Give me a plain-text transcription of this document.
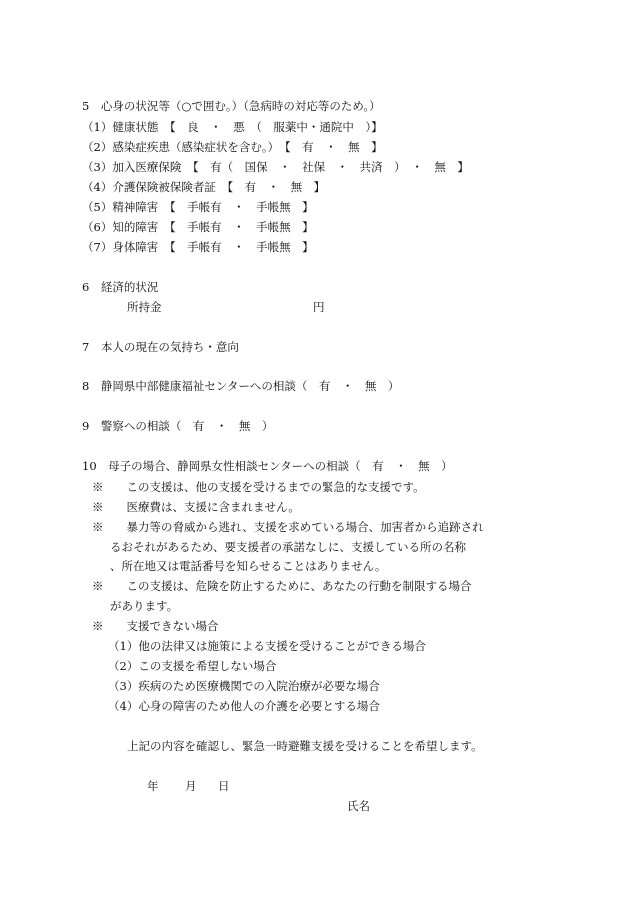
5　心身の状況等（○で囲む。）（急病時の対応等のため。）
（1）健康状態　【　良　・　悪　（　服薬中・通院中　）】
（2）感染症疾患（感染症状を含む。）　【　有　・　無　】
（3）加入医療保険　【　有（　国保　・　社保　・　共済　）　・　無　】
（4）介護保険被保険者証　【　有　・　無　】
（5）精神障害　【　手帳有　・　手帳無　】
（6）知的障害　【　手帳有　・　手帳無　】
（7）身体障害　【　手帳有　・　手帳無　】
6　経済的状況
所持金	円
7　本人の現在の気持ち・意向
8　静岡県中部健康福祉センターへの相談（　有　・　無　）
9　警察への相談（　有　・　無　）
10　母子の場合、静岡県女性相談センターへの相談（　有　・　無　）
※　　この支援は、他の支援を受けるまでの緊急的な支援です。
※　　医療費は、支援に含まれません。
※　　暴力等の脅威から逃れ、支援を求めている場合、加害者から追跡され
るおそれがあるため、要支援者の承諾なしに、支援している所の名称
、所在地又は電話番号を知らせることはありません。
※　　この支援は、危険を防止するために、あなたの行動を制限する場合
があります。
※　　支援できない場合
（1）他の法律又は施策による支援を受けることができる場合
（2）この支援を希望しない場合
（3）疾病のため医療機関での入院治療が必要な場合
（4）心身の障害のため他人の介護を必要とする場合
上記の内容を確認し、緊急一時避難支援を受けることを希望します。
年 月 日
氏名
